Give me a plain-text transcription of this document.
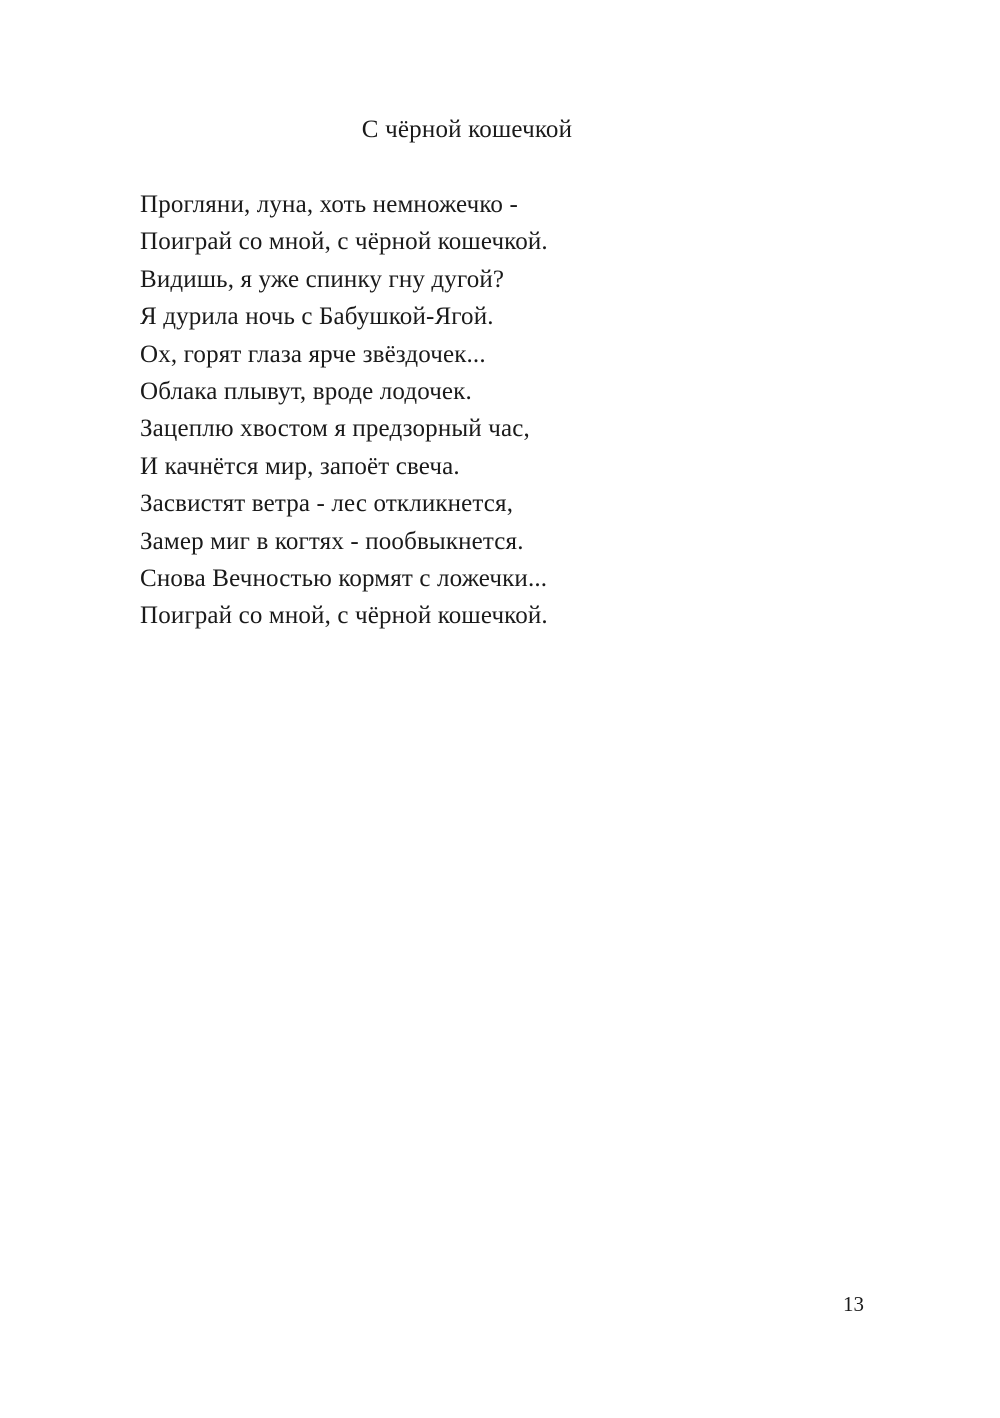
С чёрной кошечкой
Прогляни, луна, хоть немножечко -
Поиграй со мной, с чёрной кошечкой.
Видишь, я уже спинку гну дугой?
Я дурила ночь с Бабушкой-Ягой.
Ох, горят глаза ярче звёздочек...
Облака плывут, вроде лодочек.
Зацеплю хвостом я предзорный час,
И качнётся мир, запоёт свеча.
Засвистят ветра - лес откликнется,
Замер миг в когтях - пообвыкнется.
Снова Вечностью кормят с ложечки...
Поиграй со мной, с чёрной кошечкой.
13
